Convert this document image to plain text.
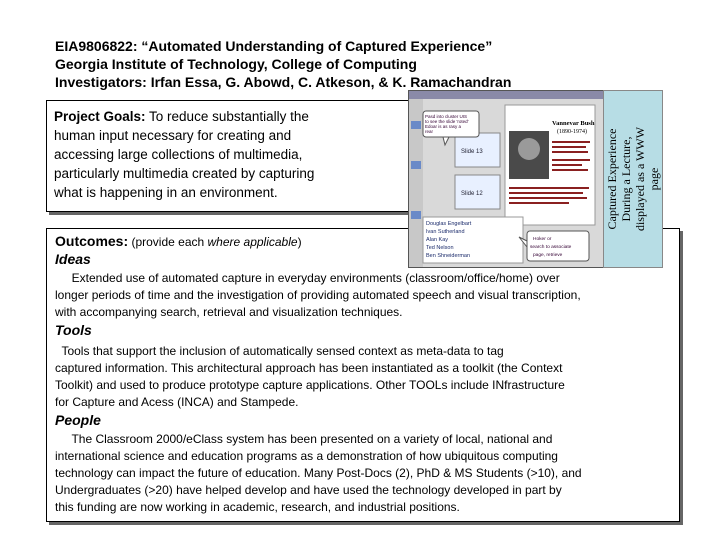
EIA9806822: “Automated Understanding of Captured Experience”
Georgia Institute of Technology, College of Computing
Investigators: Irfan Essa, G. Abowd, C. Atkeson, & K. Ramachandran
Project Goals: To reduce substantially the
human input necessary for creating and
accessing large collections of multimedia,
particularly multimedia created by capturing
what is happening in an environment.
Outcomes: (provide each where applicable)
Ideas
Extended use of automated capture in everyday environments (classroom/office/home) over
longer periods of time and the investigation of providing automated speech and visual transcription,
with accompanying search, retrieval and visualization techniques.
Tools
Tools that support the inclusion of automatically sensed context as meta-data to tag
captured information. This architectural approach has been instantiated as a toolkit (the Context
Toolkit) and used to produce prototype capture applications. Other TOOLs include INfrastructure
for Capture and Acess (INCA) and Stampede.
People
The Classroom 2000/eClass system has been presented on a variety of local, national and
international science and education programs as a demonstration of how ubiquitous computing
technology can impact the future of education. Many Post-Docs (2), PhD & MS Students (>10), and
Undergraduates (>20) have helped develop and have used the technology developed in part by
this funding are now working in academic, research, and industrial positions.
Vannevar Bush
(1890-1974)
Slide 13
Slide 12
Pasd into cluster UIS to see the slide 'roted' Edoar is as rasy a rear
Douglas Engelbart Ivan Sutherland Alan Kay Ted Nelson Ben Shneiderman
Hoker or search to associate page, retrieve
Captured Experience During a Lecture, displayed as a WWW page
